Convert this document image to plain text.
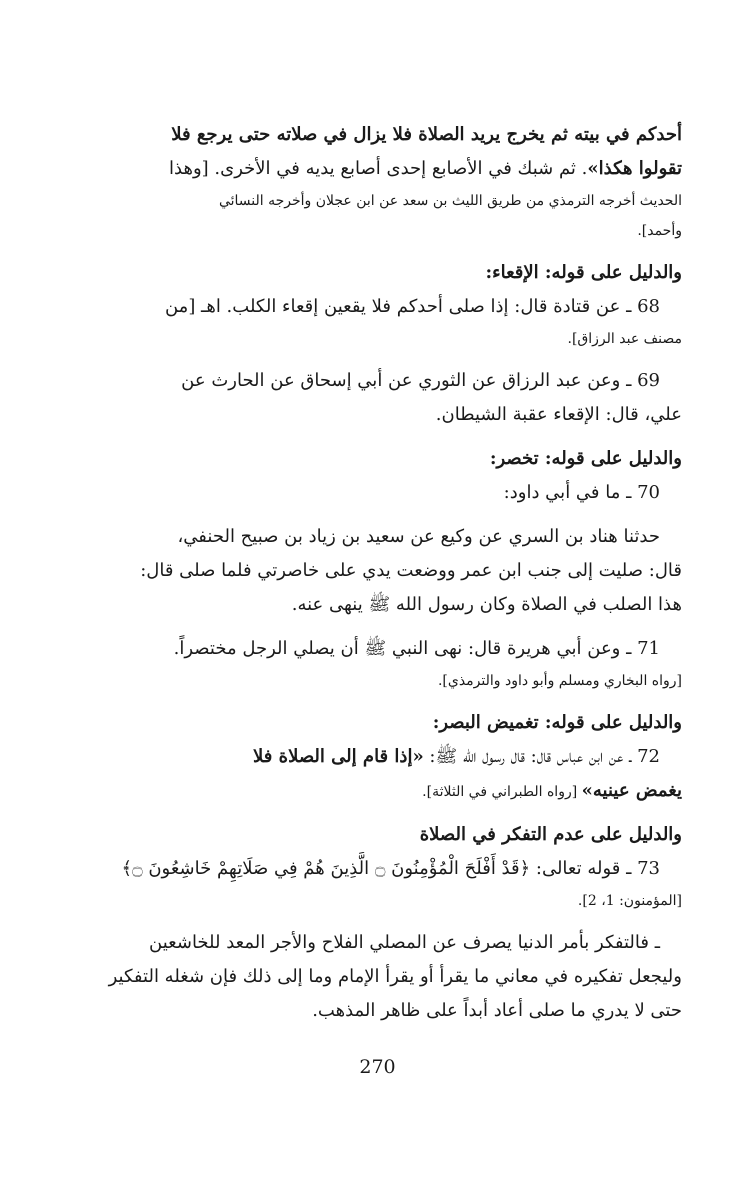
أحدكم في بيته ثم يخرج يريد الصلاة فلا يزال في صلاته حتى يرجع فلا
تقولوا هكذا». ثم شبك في الأصابع إحدى أصابع يديه في الأخرى. [وهذا
الحديث أخرجه الترمذي من طريق الليث بن سعد عن ابن عجلان وأخرجه النسائي
وأحمد].
والدليل على قوله: الإقعاء:
68 ـ عن قتادة قال: إذا صلى أحدكم فلا يقعين إقعاء الكلب. اهـ [من
مصنف عبد الرزاق].
69 ـ وعن عبد الرزاق عن الثوري عن أبي إسحاق عن الحارث عن
علي، قال: الإقعاء عقبة الشيطان.
والدليل على قوله: تخصر:
70 ـ ما في أبي داود:
حدثنا هناد بن السري عن وكيع عن سعيد بن زياد بن صبيح الحنفي،
قال: صليت إلى جنب ابن عمر ووضعت يدي على خاصرتي فلما صلى قال:
هذا الصلب في الصلاة وكان رسول الله ﷺ ينهى عنه.
71 ـ وعن أبي هريرة قال: نهى النبي ﷺ أن يصلي الرجل مختصراً.
[رواه البخاري ومسلم وأبو داود والترمذي].
والدليل على قوله: تغميض البصر:
72 ـ عن ابن عباس قال: قال رسول الله ﷺ: «إذا قام إلى الصلاة فلا
يغمض عينيه» [رواه الطبراني في الثلاثة].
والدليل على عدم التفكر في الصلاة
73 ـ قوله تعالى: ﴿قَدْ أَفْلَحَ الْمُؤْمِنُونَ ۝ الَّذِينَ هُمْ فِي صَلَاتِهِمْ خَاشِعُونَ ۝﴾
[المؤمنون: 1، 2].
ـ فالتفكر بأمر الدنيا يصرف عن المصلي الفلاح والأجر المعد للخاشعين
وليجعل تفكيره في معاني ما يقرأ أو يقرأ الإمام وما إلى ذلك فإن شغله التفكير
حتى لا يدري ما صلى أعاد أبداً على ظاهر المذهب.
270
